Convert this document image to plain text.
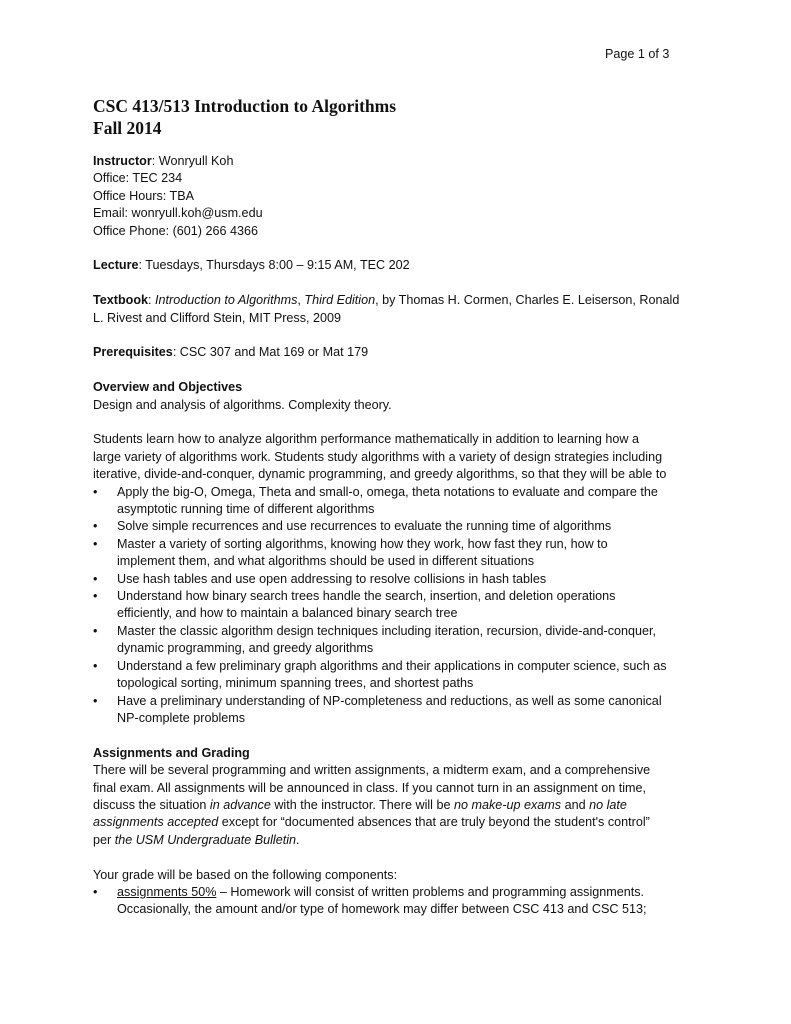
Page 1 of 3
CSC 413/513 Introduction to Algorithms
Fall 2014
Instructor: Wonryull Koh
Office: TEC 234
Office Hours: TBA
Email: wonryull.koh@usm.edu
Office Phone: (601) 266 4366
Lecture: Tuesdays, Thursdays 8:00 – 9:15 AM, TEC 202
Textbook: Introduction to Algorithms, Third Edition, by Thomas H. Cormen, Charles E. Leiserson, Ronald
L. Rivest and Clifford Stein, MIT Press, 2009
Prerequisites: CSC 307 and Mat 169 or Mat 179
Overview and Objectives
Design and analysis of algorithms. Complexity theory.
Students learn how to analyze algorithm performance mathematically in addition to learning how a
large variety of algorithms work. Students study algorithms with a variety of design strategies including
iterative, divide-and-conquer, dynamic programming, and greedy algorithms, so that they will be able to
• Apply the big-O, Omega, Theta and small-o, omega, theta notations to evaluate and compare the
asymptotic running time of different algorithms
• Solve simple recurrences and use recurrences to evaluate the running time of algorithms
• Master a variety of sorting algorithms, knowing how they work, how fast they run, how to
implement them, and what algorithms should be used in different situations
• Use hash tables and use open addressing to resolve collisions in hash tables
• Understand how binary search trees handle the search, insertion, and deletion operations
efficiently, and how to maintain a balanced binary search tree
• Master the classic algorithm design techniques including iteration, recursion, divide-and-conquer,
dynamic programming, and greedy algorithms
• Understand a few preliminary graph algorithms and their applications in computer science, such as
topological sorting, minimum spanning trees, and shortest paths
• Have a preliminary understanding of NP-completeness and reductions, as well as some canonical
NP-complete problems
Assignments and Grading
There will be several programming and written assignments, a midterm exam, and a comprehensive
final exam. All assignments will be announced in class. If you cannot turn in an assignment on time,
discuss the situation in advance with the instructor. There will be no make-up exams and no late
assignments accepted except for “documented absences that are truly beyond the student's control”
per the USM Undergraduate Bulletin.
Your grade will be based on the following components:
• assignments 50% – Homework will consist of written problems and programming assignments.
Occasionally, the amount and/or type of homework may differ between CSC 413 and CSC 513;
